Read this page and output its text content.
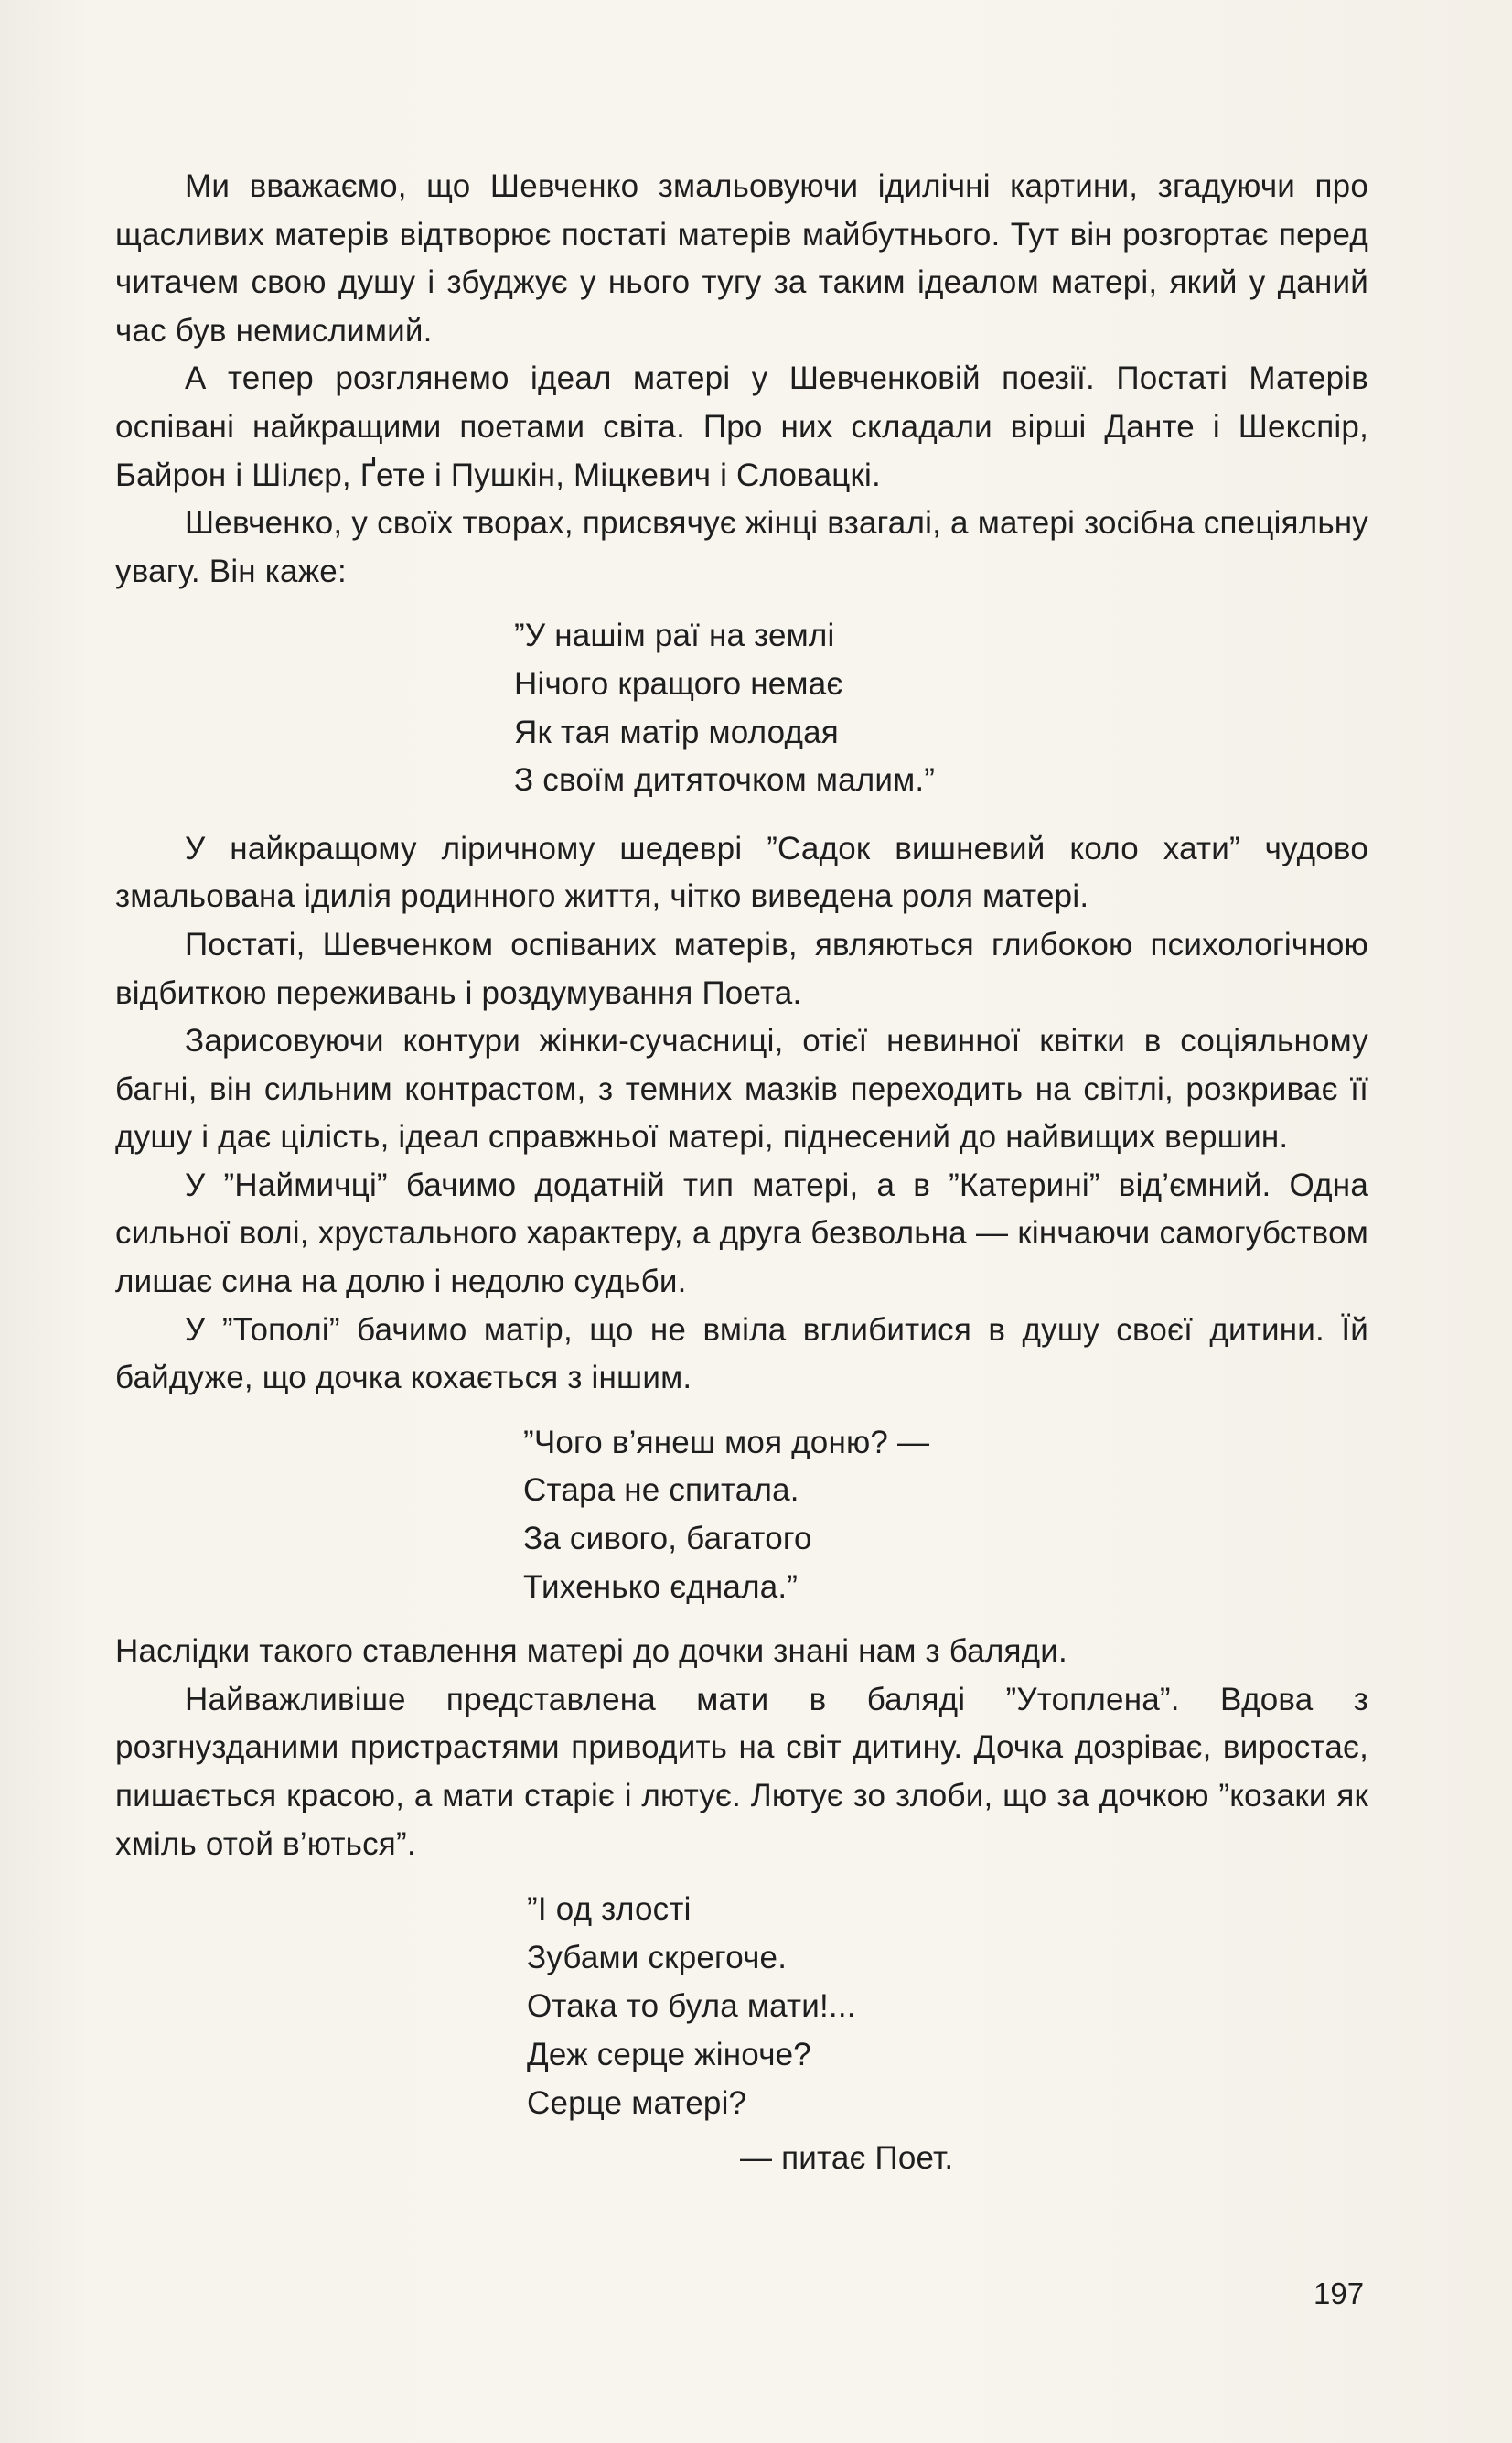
Ми вважаємо, що Шевченко змальовуючи ідилічні картини, згадуючи про щасливих матерів відтворює постаті матерів майбутнього. Тут він розгортає перед читачем свою душу і збуджує у нього тугу за таким ідеалом матері, який у даний час був немислимий.

А тепер розглянемо ідеал матері у Шевченковій поезії. Постаті Матерів оспівані найкращими поетами світа. Про них складали вірші Данте і Шекспір, Байрон і Шілєр, Ґете і Пушкін, Міцкевич і Словацкі.

Шевченко, у своїх творах, присвячує жінці взагалі, а матері зосібна спеціяльну увагу. Він каже:

”У нашім раї на землі
Нічого кращого немає
Як тая матір молодая
З своїм дитяточком малим.”

У найкращому ліричному шедеврі ”Садок вишневий коло хати” чудово змальована ідилія родинного життя, чітко виведена роля матері.

Постаті, Шевченком оспіваних матерів, являються глибокою психологічною відбиткою переживань і роздумування Поета.

Зарисовуючи контури жінки-сучасниці, отієї невинної квітки в соціяльному багні, він сильним контрастом, з темних мазків переходить на світлі, розкриває її душу і дає цілість, ідеал справжньої матері, піднесений до найвищих вершин.

У ”Наймичці” бачимо додатній тип матері, а в ”Катерині” від’ємний. Одна сильної волі, хрустального характеру, а друга безвольна — кінчаючи самогубством лишає сина на долю і недолю судьби.

У ”Тополі” бачимо матір, що не вміла вглибитися в душу своєї дитини. Їй байдуже, що дочка кохається з іншим.

”Чого в’янеш моя доню? —
Стара не спитала.
За сивого, багатого
Тихенько єднала.”

Наслідки такого ставлення матері до дочки знані нам з баляди.

Найважливіше представлена мати в баляді ”Утоплена”. Вдова з розгнузданими пристрастями приводить на світ дитину. Дочка дозріває, виростає, пишається красою, а мати старіє і лютує. Лютує зо злоби, що за дочкою ”козаки як хміль отой в’ються”.

”І од злості
Зубами скрегоче.
Отака то була мати!...
Деж серце жіноче?
Серце матері?

— питає Поет.

197
